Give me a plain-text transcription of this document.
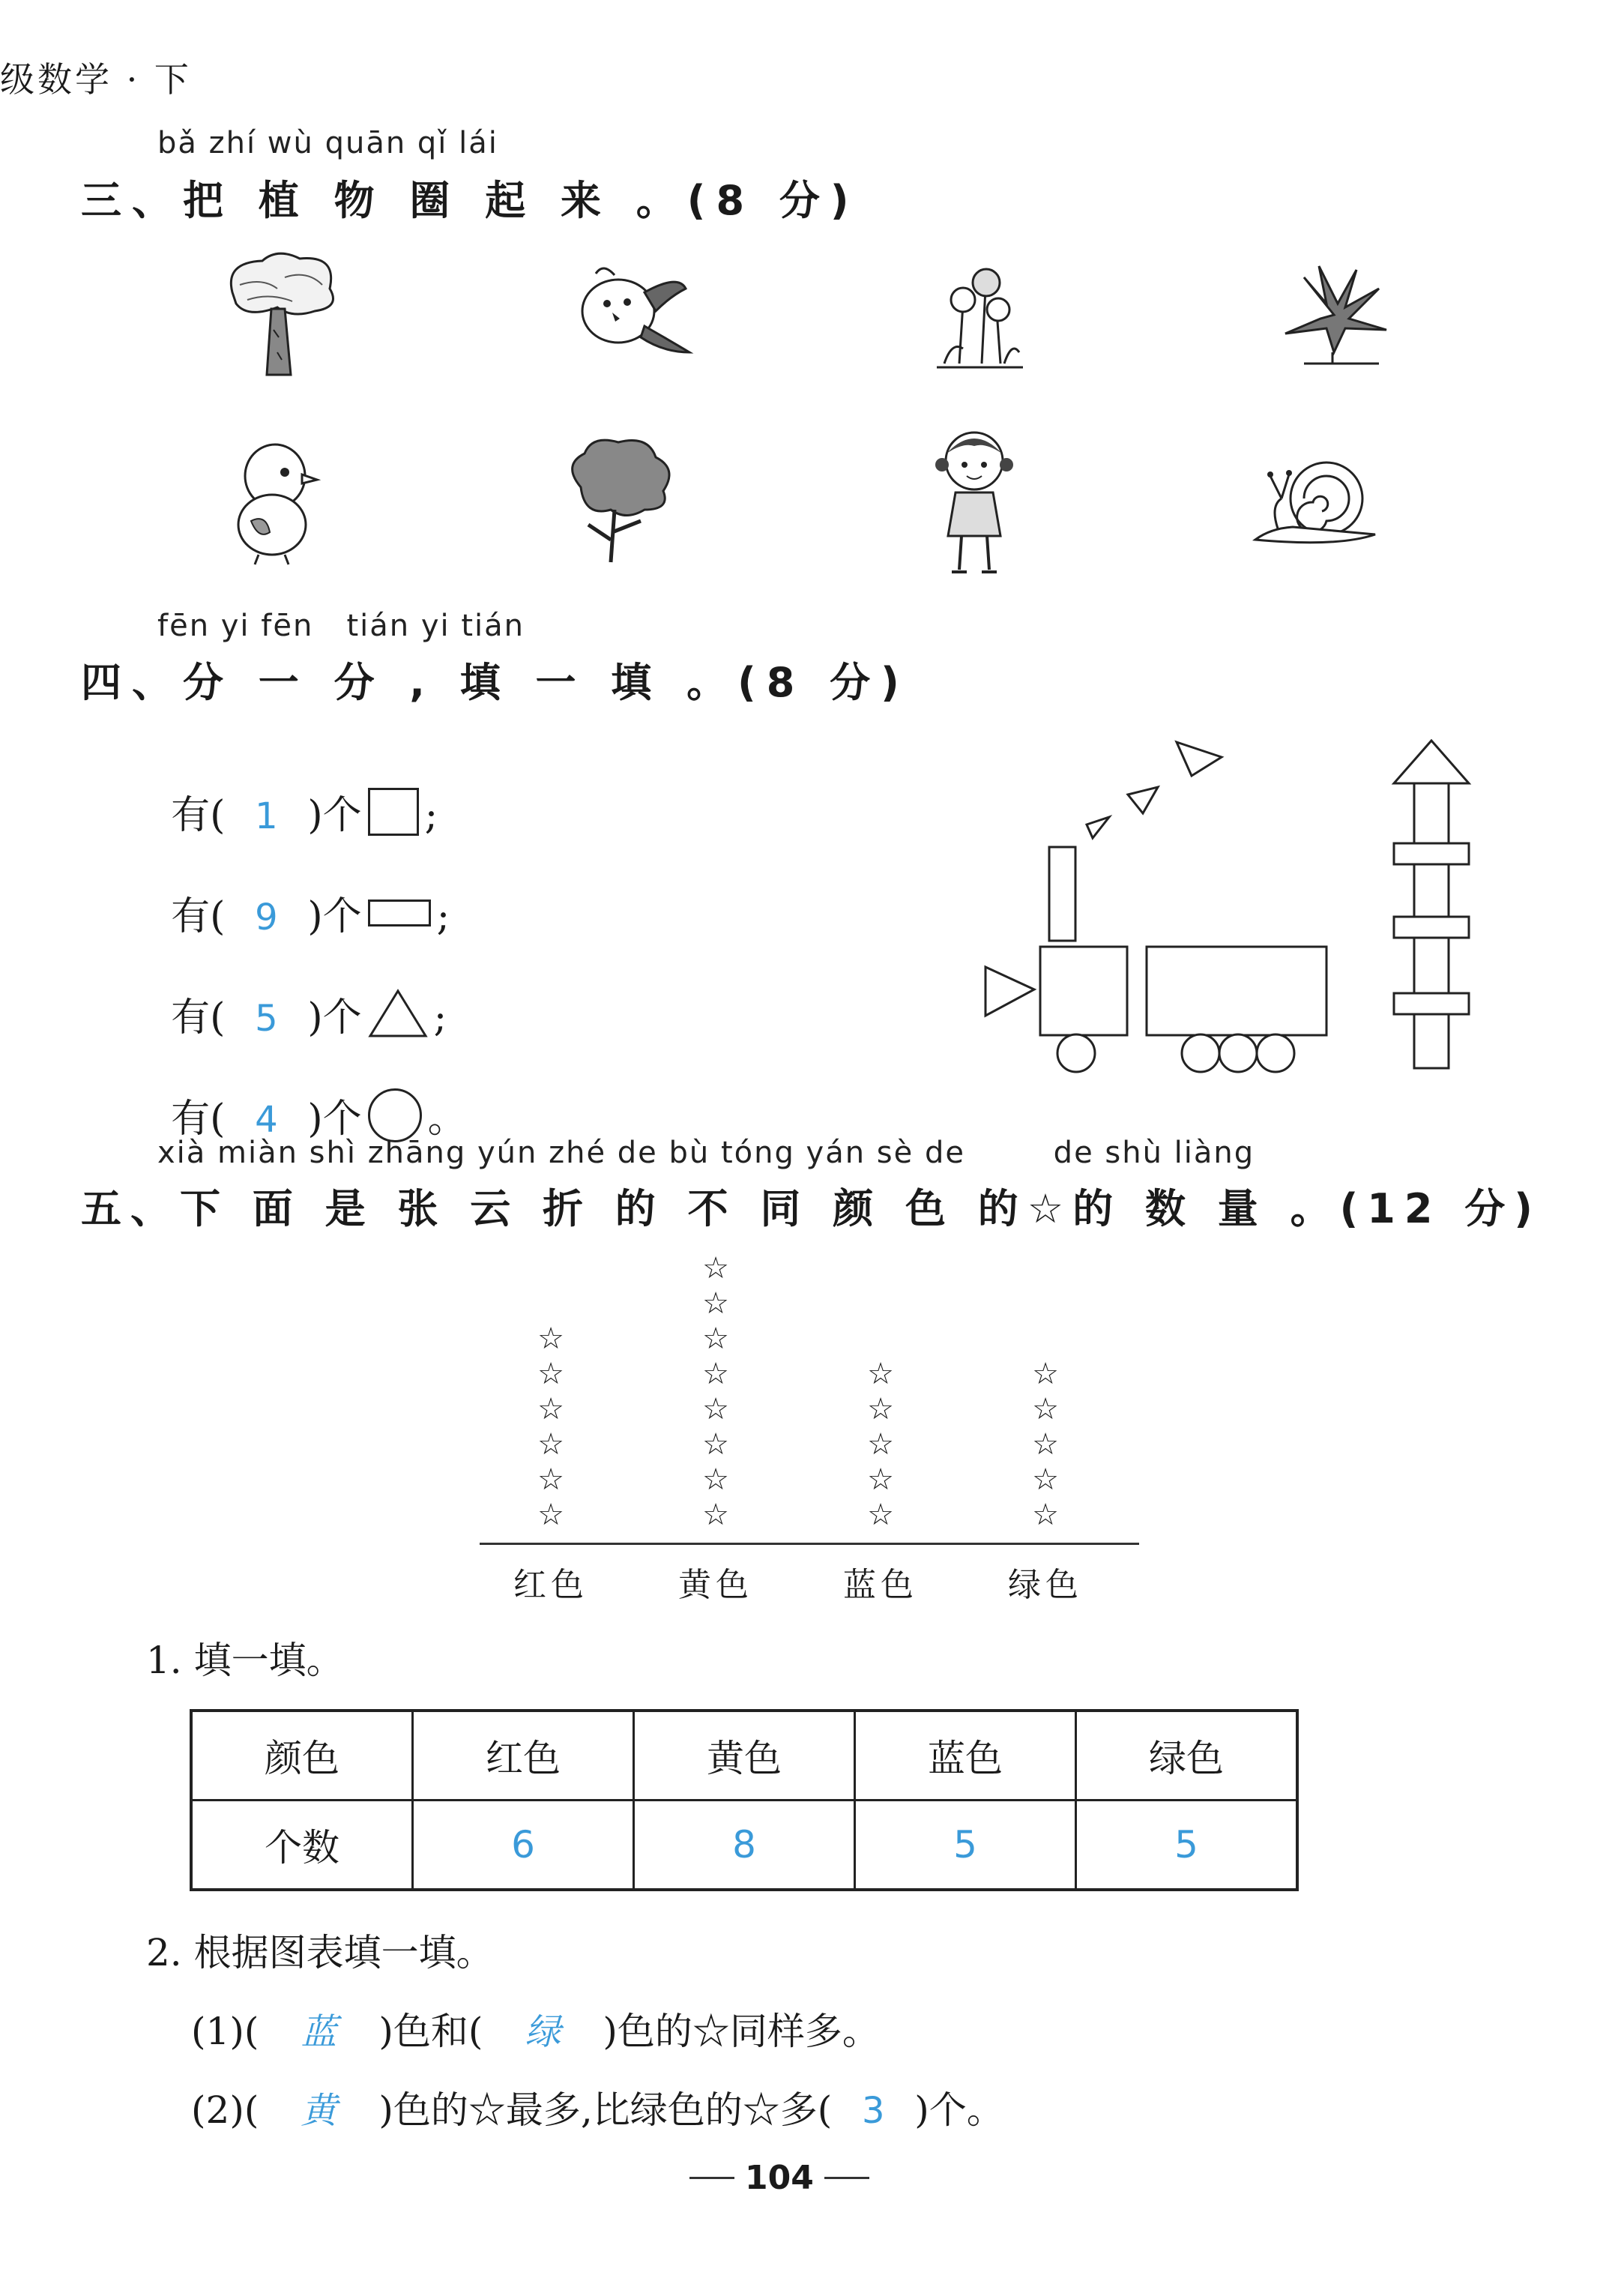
级数学 · 下
bǎ zhí wù quān qǐ lái
三、把 植 物 圈 起 来 。(8 分)
fēn yi fēn   tián yi tián
四、分 一 分 , 填 一 填 。(8 分)

有( 1 )个 ;

有( 9 )个 ;

有( 5 )个 ;

有( 4 )个 。

xià miàn shì zhāng yún zhé de bù tóng yán sè de        de shù liàng
五、下 面 是 张 云 折 的 不 同 颜 色 的☆的 数 量 。(12 分)
☆
☆
☆
☆
☆
☆
☆
☆
☆
☆
☆
☆
☆
☆
☆
☆
☆
☆
☆
☆
☆
☆
☆
☆
红色	黄色	蓝色	绿色
1. 填一填。
颜色	红色	黄色	蓝色	绿色
个数	6	8	5	5
2. 根据图表填一填。
(1)( 蓝 )色和( 绿 )色的☆同样多。
(2)( 黄 )色的☆最多,比绿色的☆多( 3 )个。
104
